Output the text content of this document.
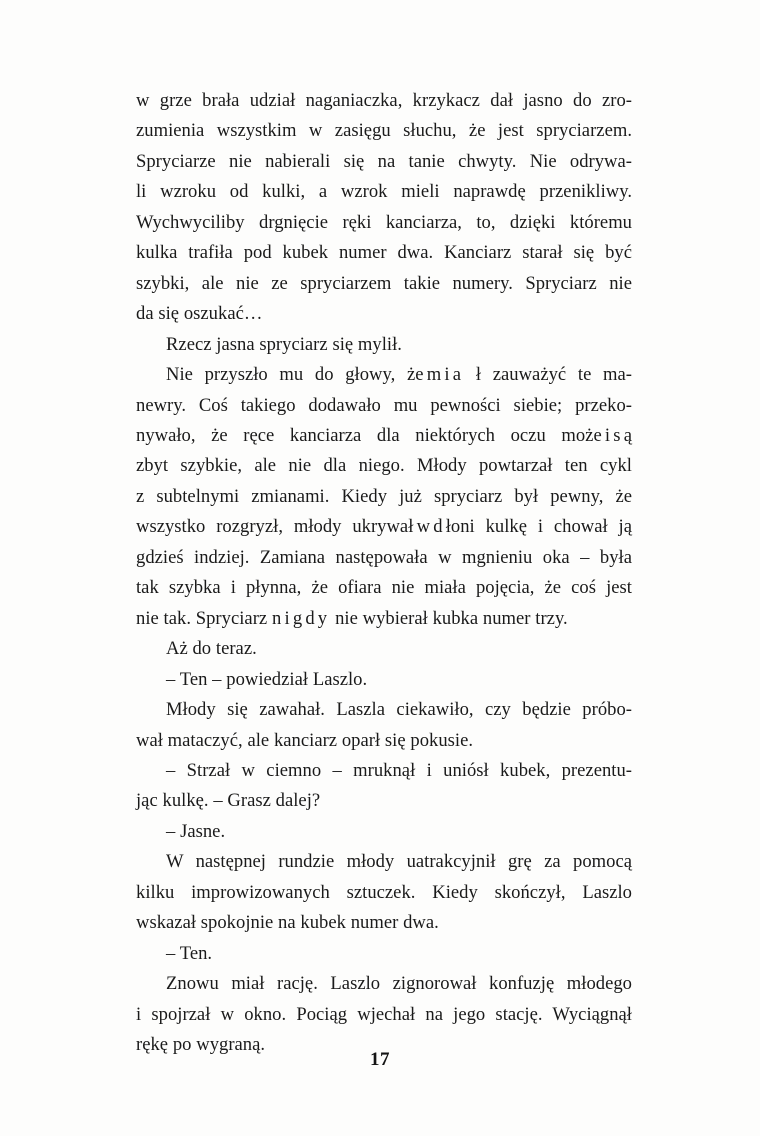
w grze brała udział naganiaczka, krzykacz dał jasno do zro-
zumienia wszystkim w zasięgu słuchu, że jest spryciarzem.
Spryciarze nie nabierali się na tanie chwyty. Nie odrywa-
li wzroku od kulki, a wzrok mieli naprawdę przenikliwy.
Wychwyciliby drgnięcie ręki kanciarza, to, dzięki któremu
kulka trafiła pod kubek numer dwa. Kanciarz starał się być
szybki, ale nie ze spryciarzem takie numery. Spryciarz nie
da się oszukać…

Rzecz jasna spryciarz się mylił.

Nie przyszło mu do głowy, żemia ł zauważyć te ma-
newry. Coś takiego dodawało mu pewności siebie; przeko-
nywało, że ręce kanciarza dla niektórych oczu możeisą
zbyt szybkie, ale nie dla niego. Młody powtarzał ten cykl
z subtelnymi zmianami. Kiedy już spryciarz był pewny, że
wszystko rozgryzł, młody ukrywałwdłoni kulkę i chował ją
gdzieś indziej. Zamiana następowała w mgnieniu oka – była
tak szybka i płynna, że ofiara nie miała pojęcia, że coś jest
nie tak. Spryciarz nigdy nie wybierał kubka numer trzy.

Aż do teraz.

– Ten – powiedział Laszlo.

Młody się zawahał. Laszla ciekawiło, czy będzie próbo-
wał mataczyć, ale kanciarz oparł się pokusie.

– Strzał w ciemno – mruknął i uniósł kubek, prezentu-
jąc kulkę. – Grasz dalej?

– Jasne.

W następnej rundzie młody uatrakcyjnił grę za pomocą
kilku improwizowanych sztuczek. Kiedy skończył, Laszlo
wskazał spokojnie na kubek numer dwa.

– Ten.

Znowu miał rację. Laszlo zignorował konfuzję młodego
i spojrzał w okno. Pociąg wjechał na jego stację. Wyciągnął
rękę po wygraną.

17
